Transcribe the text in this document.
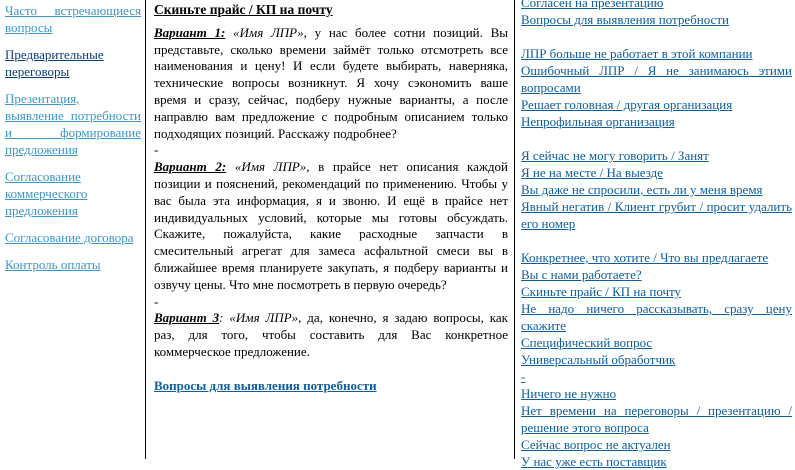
Часто встречающиеся вопросы
Предварительные переговоры
Презентация, выявление потребности и формирование предложения
Согласование коммерческого предложения
Согласование договора
Контроль оплаты
Скиньте прайс / КП на почту

Вариант 1: «Имя ЛПР», у нас более сотни позиций. Вы представьте, сколько времени займёт только отсмотреть все наименования и цену! И если будете выбирать, наверняка, технические вопросы возникнут. Я хочу сэкономить ваше время и сразу, сейчас, подберу нужные варианты, а после направлю вам предложение с подробным описанием только подходящих позиций. Расскажу подробнее?

-

Вариант 2: «Имя ЛПР», в прайсе нет описания каждой позиции и пояснений, рекомендаций по применению. Чтобы у вас была эта информация, я и звоню. И ещё в прайсе нет индивидуальных условий, которые мы готовы обсуждать. Скажите, пожалуйста, какие расходные запчасти в смесительный агрегат для замеса асфальтной смеси вы в ближайшее время планируете закупать, я подберу варианты и озвучу цены. Что мне посмотреть в первую очередь?

-

Вариант 3: «Имя ЛПР», да, конечно, я задаю вопросы, как раз, для того, чтобы составить для Вас конкретное коммерческое предложение.

Вопросы для выявления потребности
Согласен на презентацию
Вопросы для выявления потребности
ЛПР больше не работает в этой компании
Ошибочный ЛПР / Я не занимаюсь этими вопросами
Решает головная / другая организация
Непрофильная организация
Я сейчас не могу говорить / Занят
Я не на месте / На выезде
Вы даже не спросили, есть ли у меня время
Явный негатив / Клиент грубит / просит удалить его номер
Конкретнее, что хотите / Что вы предлагаете
Вы с нами работаете?
Скиньте прайс / КП на почту
Не надо ничего рассказывать, сразу цену скажите
Специфический вопрос
Универсальный обработчик
-
Ничего не нужно
Нет времени на переговоры / презентацию / решение этого вопроса
Сейчас вопрос не актуален
У нас уже есть поставщик
